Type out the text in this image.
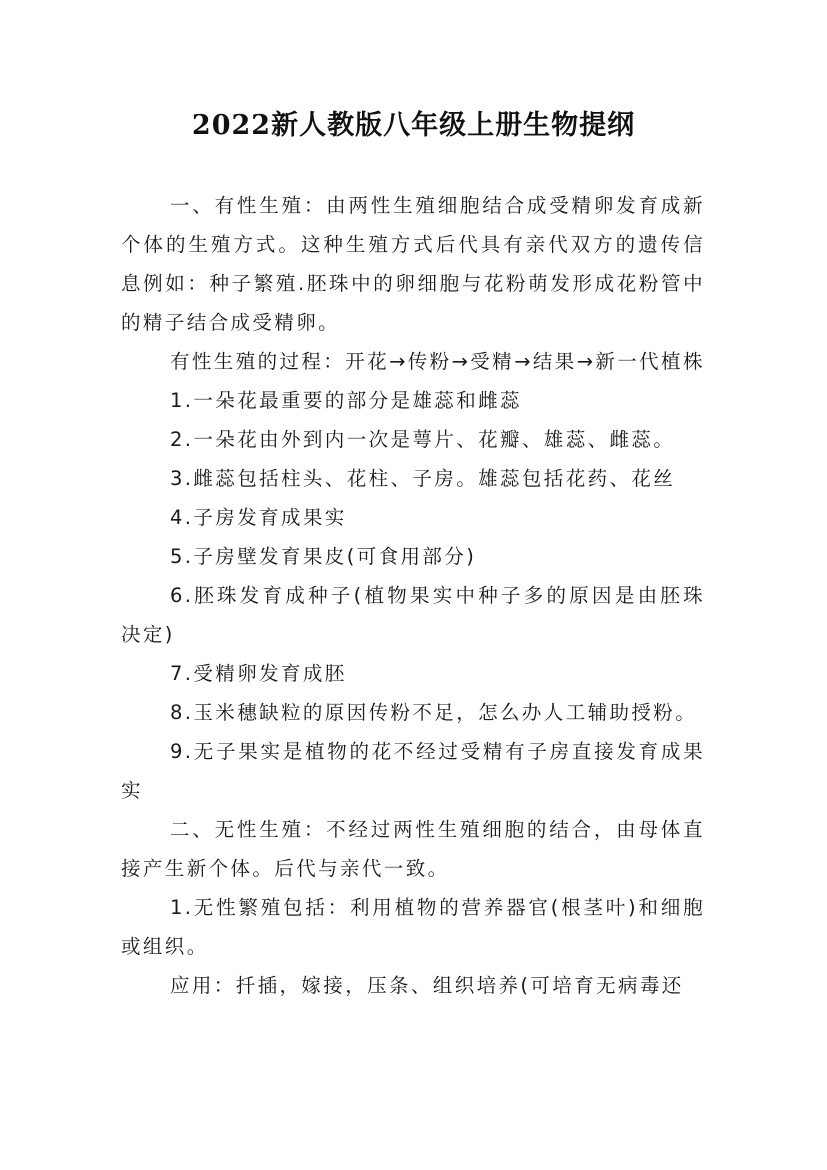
2022新人教版八年级上册生物提纲

一、有性生殖：由两性生殖细胞结合成受精卵发育成新个体的生殖方式。这种生殖方式后代具有亲代双方的遗传信息例如：种子繁殖.胚珠中的卵细胞与花粉萌发形成花粉管中的精子结合成受精卵。

有性生殖的过程：开花→传粉→受精→结果→新一代植株

1.一朵花最重要的部分是雄蕊和雌蕊

2.一朵花由外到内一次是萼片、花瓣、雄蕊、雌蕊。

3.雌蕊包括柱头、花柱、子房。雄蕊包括花药、花丝

4.子房发育成果实

5.子房壁发育果皮(可食用部分)

6.胚珠发育成种子(植物果实中种子多的原因是由胚珠决定)

7.受精卵发育成胚

8.玉米穗缺粒的原因传粉不足，怎么办人工辅助授粉。

9.无子果实是植物的花不经过受精有子房直接发育成果实

二、无性生殖：不经过两性生殖细胞的结合，由母体直接产生新个体。后代与亲代一致。

1.无性繁殖包括：利用植物的营养器官(根茎叶)和细胞或组织。

应用：扦插，嫁接，压条、组织培养(可培育无病毒还
